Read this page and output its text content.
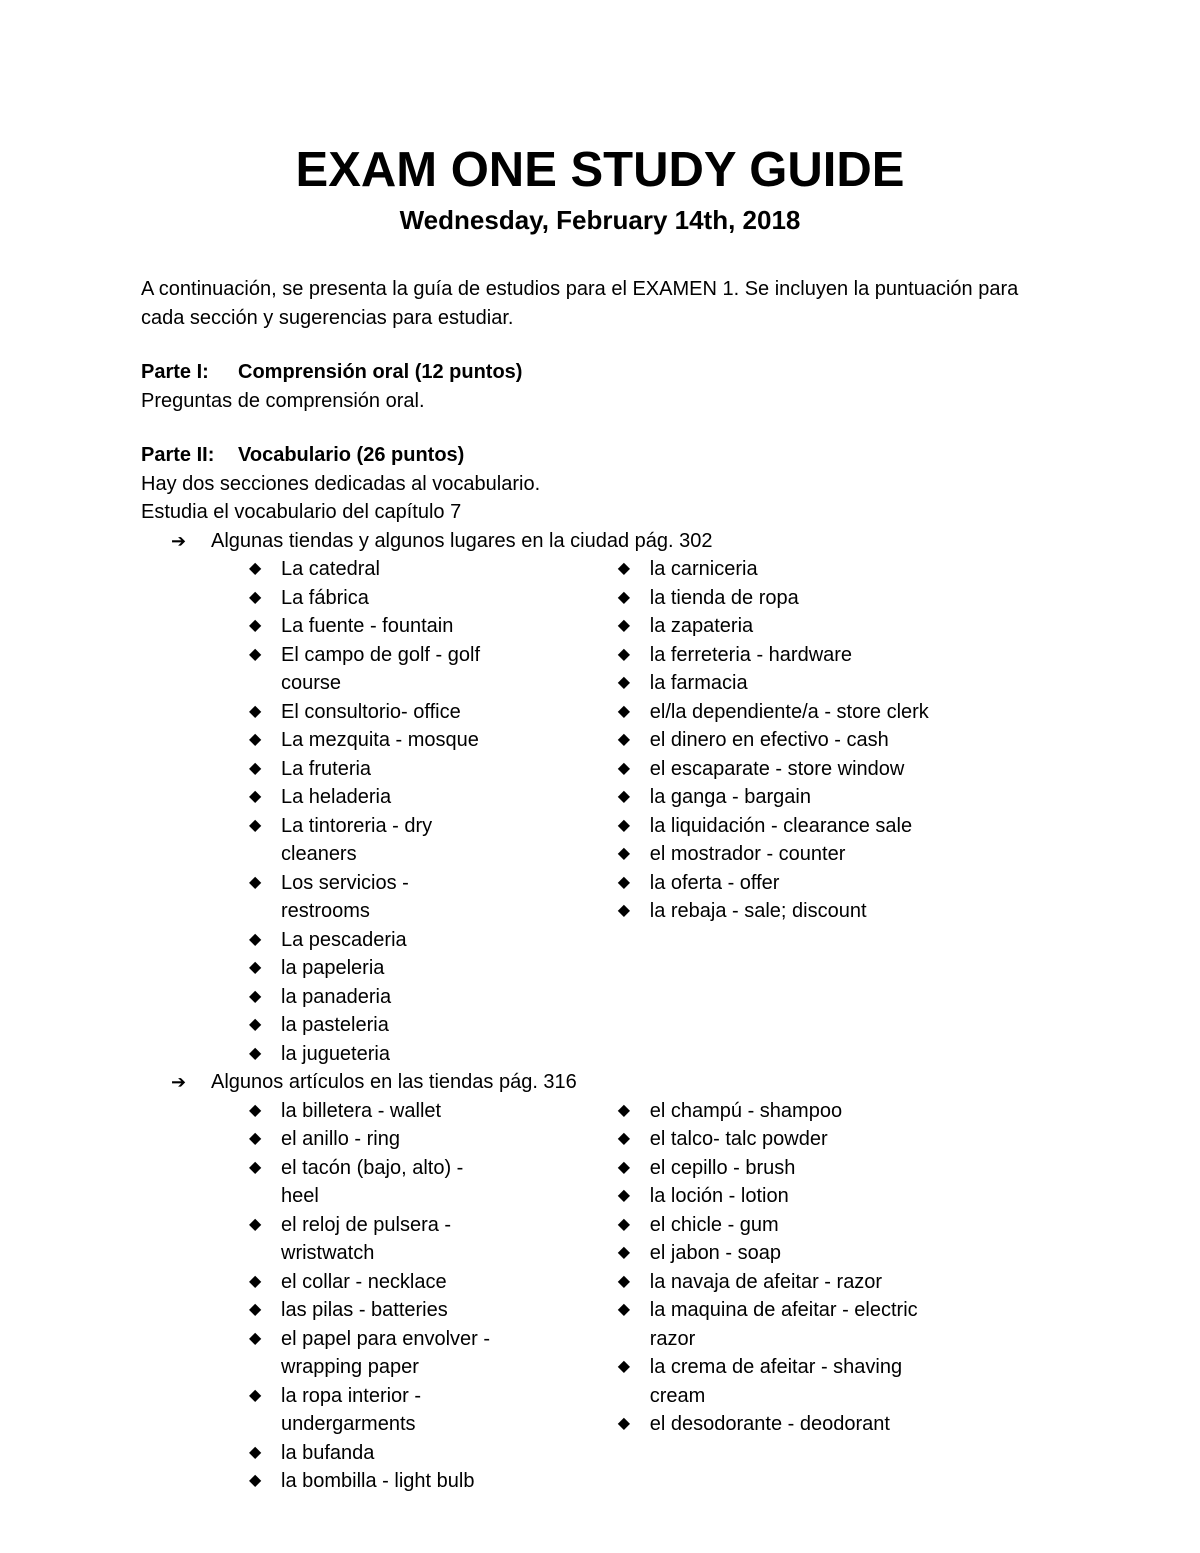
EXAM ONE STUDY GUIDE
Wednesday, February 14th, 2018

A continuación, se presenta la guía de estudios para el EXAMEN 1. Se incluyen la puntuación para cada sección y sugerencias para estudiar.

Parte I: Comprensión oral (12 puntos)

Preguntas de comprensión oral.

Parte II: Vocabulario (26 puntos)

Hay dos secciones dedicadas al vocabulario.

Estudia el vocabulario del capítulo 7

➔ Algunas tiendas y algunos lugares en la ciudad pág. 302

◆ La catedral
◆ La fábrica
◆ La fuente - fountain
◆ El campo de golf - golf course
◆ El consultorio- office
◆ La mezquita - mosque
◆ La fruteria
◆ La heladeria
◆ La tintoreria - dry cleaners
◆ Los servicios - restrooms
◆ La pescaderia
◆ la papeleria
◆ la panaderia
◆ la pasteleria
◆ la jugueteria
◆ la carniceria
◆ la tienda de ropa
◆ la zapateria
◆ la ferreteria - hardware
◆ la farmacia
◆ el/la dependiente/a - store clerk
◆ el dinero en efectivo - cash
◆ el escaparate - store window
◆ la ganga - bargain
◆ la liquidación - clearance sale
◆ el mostrador - counter
◆ la oferta - offer
◆ la rebaja - sale; discount

➔ Algunos artículos en las tiendas pág. 316

◆ la billetera - wallet
◆ el anillo - ring
◆ el tacón (bajo, alto) - heel
◆ el reloj de pulsera - wristwatch
◆ el collar - necklace
◆ las pilas - batteries
◆ el papel para envolver - wrapping paper
◆ la ropa interior - undergarments
◆ la bufanda
◆ la bombilla - light bulb
◆ el champú - shampoo
◆ el talco- talc powder
◆ el cepillo - brush
◆ la loción - lotion
◆ el chicle - gum
◆ el jabon - soap
◆ la navaja de afeitar - razor
◆ la maquina de afeitar - electric razor
◆ la crema de afeitar - shaving cream
◆ el desodorante - deodorant
